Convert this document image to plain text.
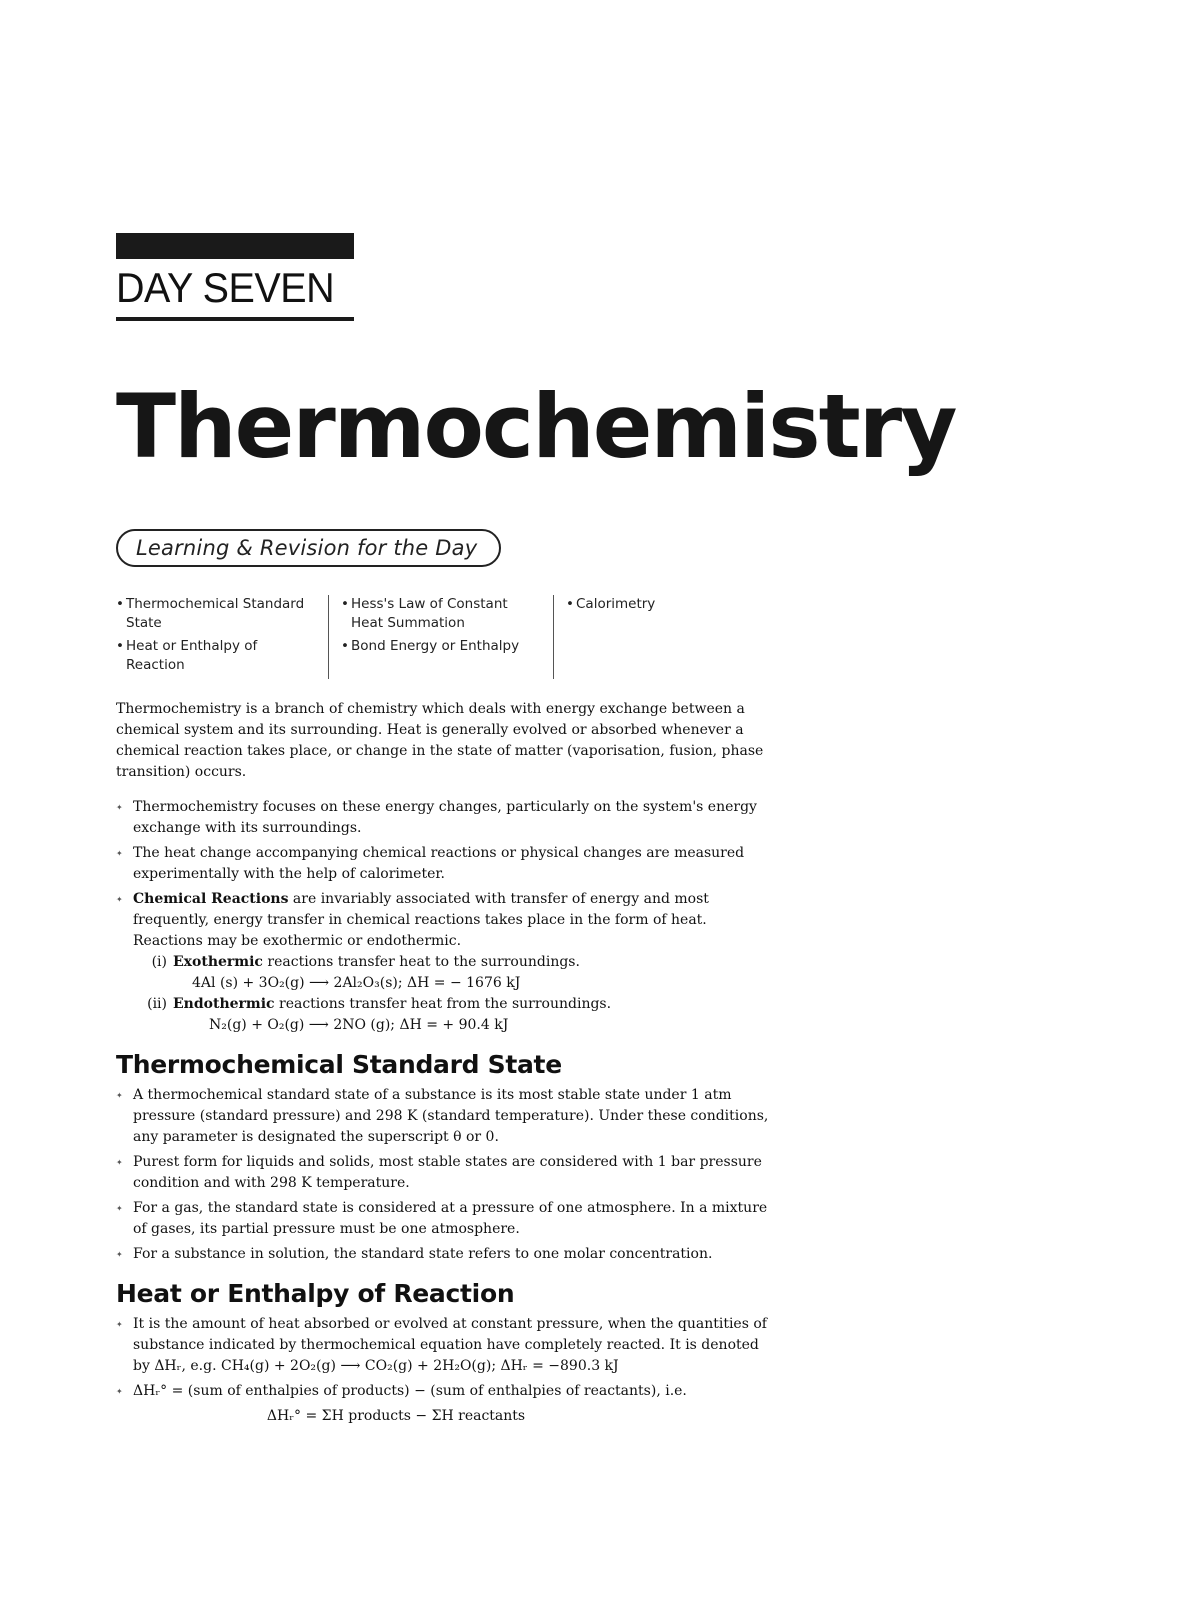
DAY SEVEN
Thermochemistry
Learning & Revision for the Day
• Thermochemical Standard State
• Heat or Enthalpy of Reaction
• Hess's Law of Constant Heat Summation
• Bond Energy or Enthalpy
• Calorimetry

Thermochemistry is a branch of chemistry which deals with energy exchange between a chemical system and its surrounding. Heat is generally evolved or absorbed whenever a chemical reaction takes place, or change in the state of matter (vaporisation, fusion, phase transition) occurs.

✦ Thermochemistry focuses on these energy changes, particularly on the system's energy exchange with its surroundings.
✦ The heat change accompanying chemical reactions or physical changes are measured experimentally with the help of calorimeter.
✦ Chemical Reactions are invariably associated with transfer of energy and most frequently, energy transfer in chemical reactions takes place in the form of heat. Reactions may be exothermic or endothermic.
(i) Exothermic reactions transfer heat to the surroundings.
4Al (s) + 3O₂(g) ⟶ 2Al₂O₃(s); ΔH = − 1676 kJ
(ii) Endothermic reactions transfer heat from the surroundings.
N₂(g) + O₂(g) ⟶ 2NO (g); ΔH = + 90.4 kJ
Thermochemical Standard State
✦ A thermochemical standard state of a substance is its most stable state under 1 atm pressure (standard pressure) and 298 K (standard temperature). Under these conditions, any parameter is designated the superscript θ or 0.
✦ Purest form for liquids and solids, most stable states are considered with 1 bar pressure condition and with 298 K temperature.
✦ For a gas, the standard state is considered at a pressure of one atmosphere. In a mixture of gases, its partial pressure must be one atmosphere.
✦ For a substance in solution, the standard state refers to one molar concentration.
Heat or Enthalpy of Reaction
✦ It is the amount of heat absorbed or evolved at constant pressure, when the quantities of substance indicated by thermochemical equation have completely reacted. It is denoted by ΔHᵣ, e.g. CH₄(g) + 2O₂(g) ⟶ CO₂(g) + 2H₂O(g); ΔHᵣ = −890.3 kJ
✦ ΔHᵣ° = (sum of enthalpies of products) − (sum of enthalpies of reactants), i.e.
ΔHᵣ° = ΣH products − ΣH reactants
